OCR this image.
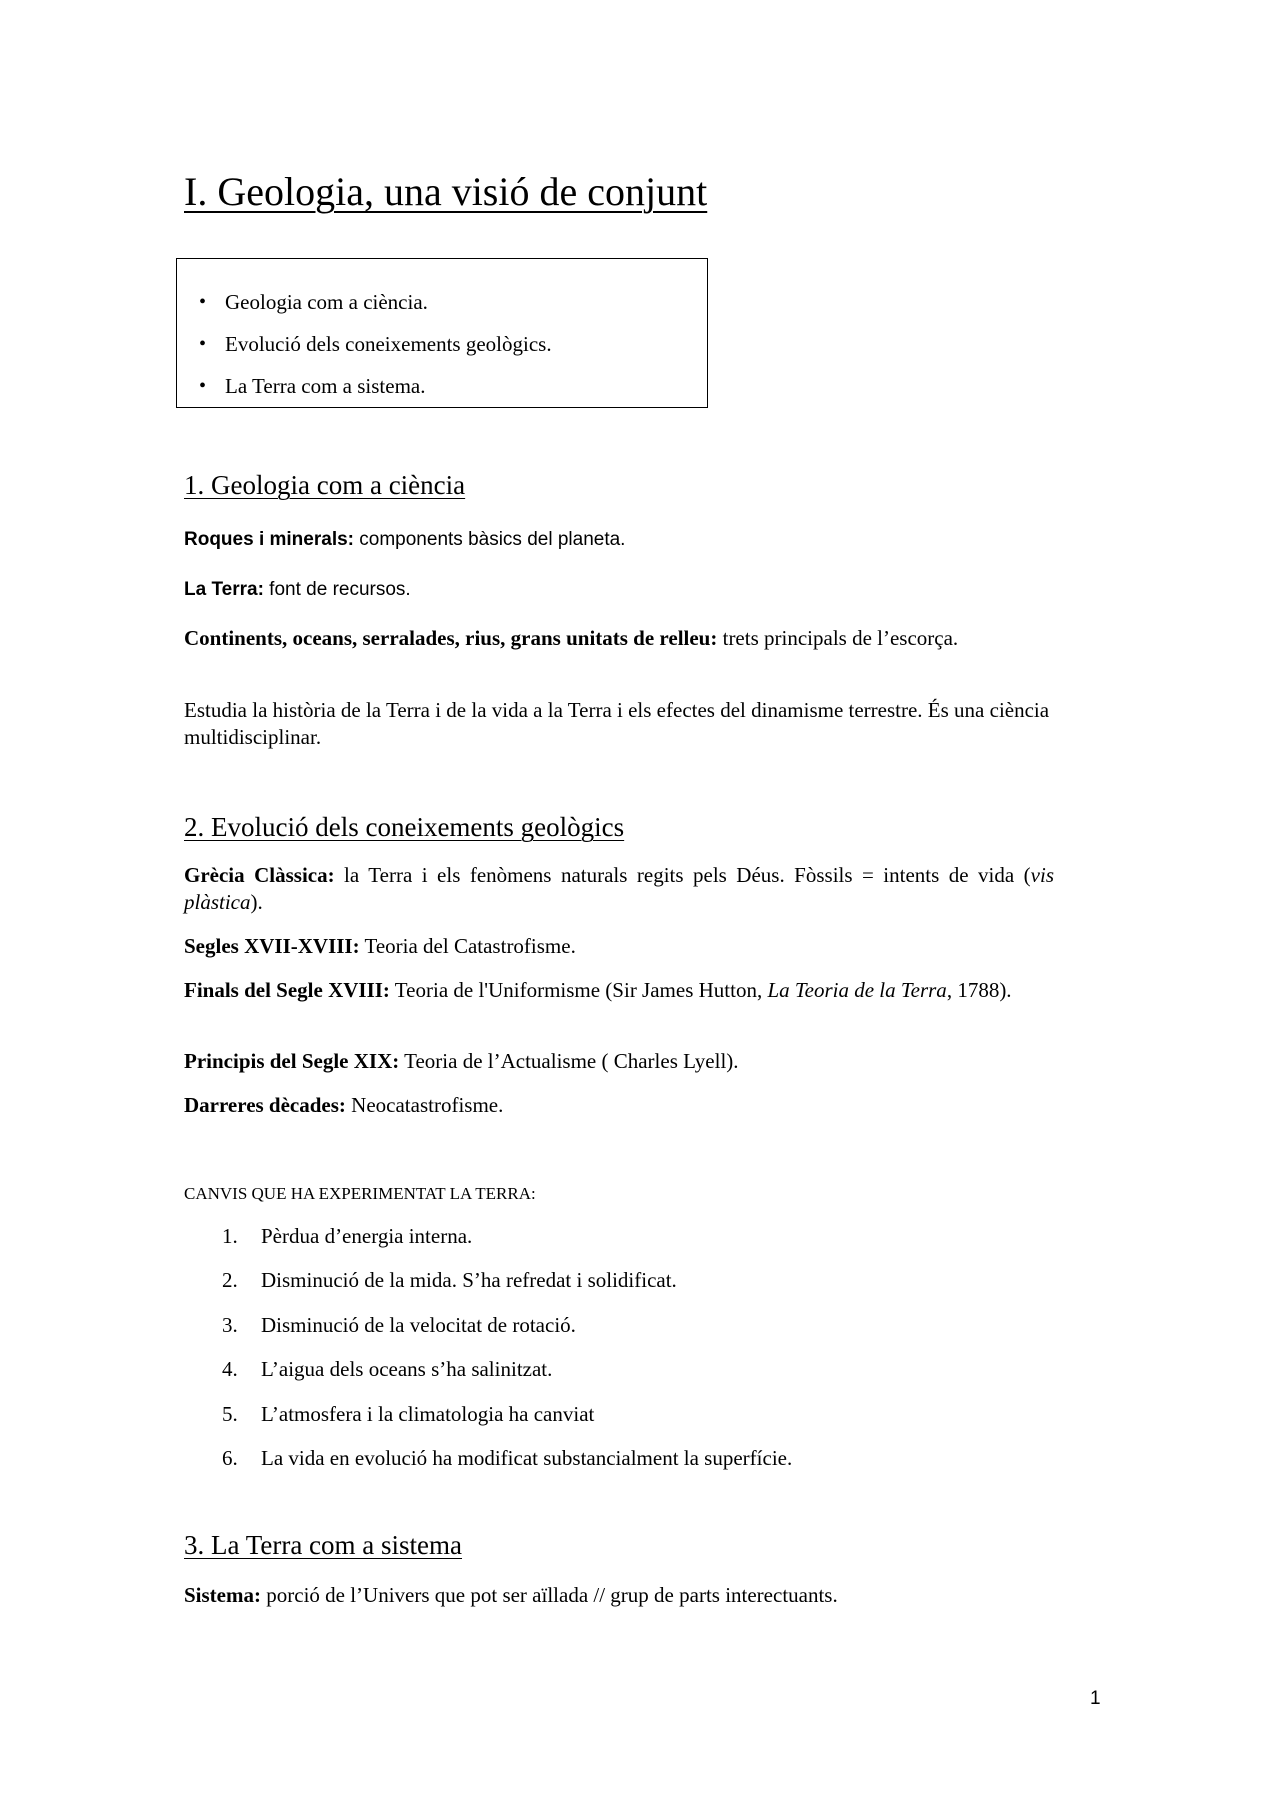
I. Geologia, una visió de conjunt
• Geologia com a ciència.
• Evolució dels coneixements geològics.
• La Terra com a sistema.
1. Geologia com a ciència

Roques i minerals: components bàsics del planeta.

La Terra: font de recursos.

Continents, oceans, serralades, rius, grans unitats de relleu: trets principals de l’escorça.

Estudia la història de la Terra i de la vida a la Terra i els efectes del dinamisme terrestre. És una ciència multidisciplinar.

2. Evolució dels coneixements geològics

Grècia Clàssica: la Terra i els fenòmens naturals regits pels Déus. Fòssils = intents de vida (vis plàstica).

Segles XVII-XVIII: Teoria del Catastrofisme.

Finals del Segle XVIII: Teoria de l'Uniformisme (Sir James Hutton, La Teoria de la Terra, 1788).

Principis del Segle XIX: Teoria de l’Actualisme ( Charles Lyell).

Darreres dècades: Neocatastrofisme.

CANVIS QUE HA EXPERIMENTAT LA TERRA:

1. Pèrdua d’energia interna.
2. Disminució de la mida. S’ha refredat i solidificat.
3. Disminució de la velocitat de rotació.
4. L’aigua dels oceans s’ha salinitzat.
5. L’atmosfera i la climatologia ha canviat
6. La vida en evolució ha modificat substancialment la superfície.
3. La Terra com a sistema

Sistema: porció de l’Univers que pot ser aïllada // grup de parts interectuants.

1
